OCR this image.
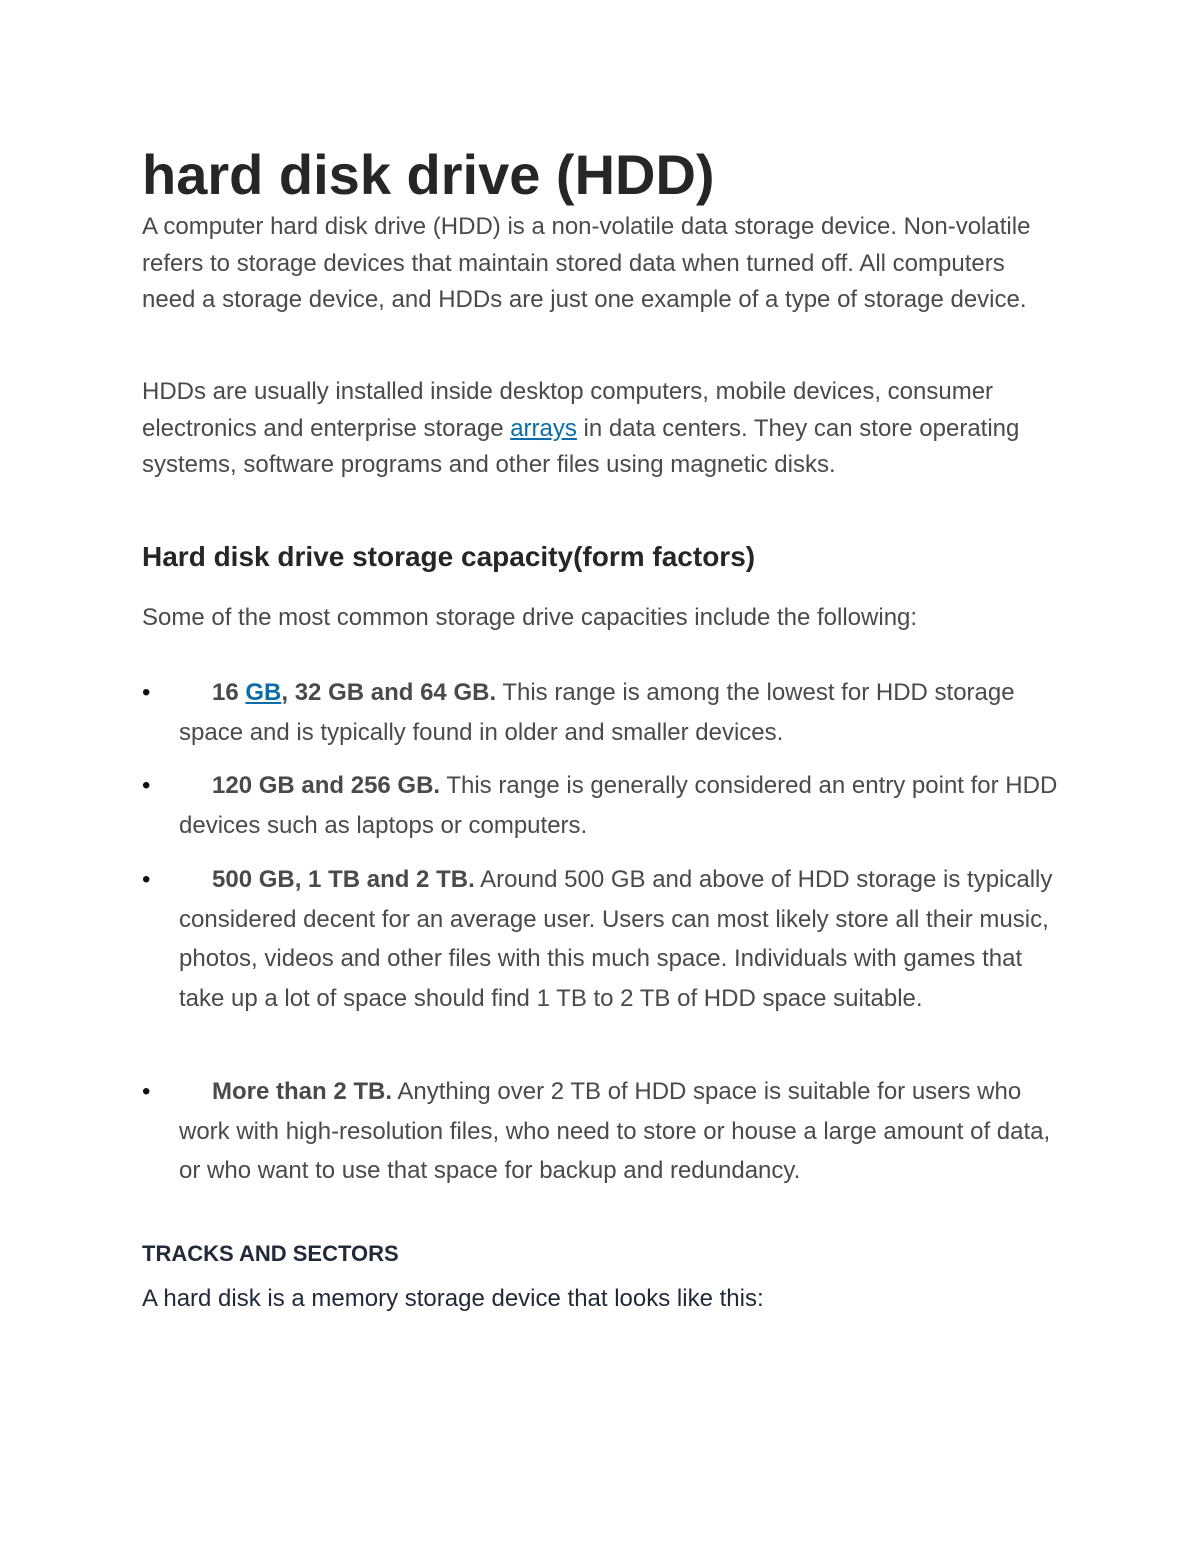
hard disk drive (HDD)

A computer hard disk drive (HDD) is a non-volatile data storage device. Non-volatile refers to storage devices that maintain stored data when turned off. All computers need a storage device, and HDDs are just one example of a type of storage device.

HDDs are usually installed inside desktop computers, mobile devices, consumer electronics and enterprise storage arrays in data centers. They can store operating systems, software programs and other files using magnetic disks.

Hard disk drive storage capacity(form factors)

Some of the most common storage drive capacities include the following:

•	16 GB, 32 GB and 64 GB. This range is among the lowest for HDD storage space and is typically found in older and smaller devices.

•	120 GB and 256 GB. This range is generally considered an entry point for HDD devices such as laptops or computers.

•	500 GB, 1 TB and 2 TB. Around 500 GB and above of HDD storage is typically considered decent for an average user. Users can most likely store all their music, photos, videos and other files with this much space. Individuals with games that take up a lot of space should find 1 TB to 2 TB of HDD space suitable.

•	More than 2 TB. Anything over 2 TB of HDD space is suitable for users who work with high-resolution files, who need to store or house a large amount of data, or who want to use that space for backup and redundancy.

TRACKS AND SECTORS

A hard disk is a memory storage device that looks like this:
